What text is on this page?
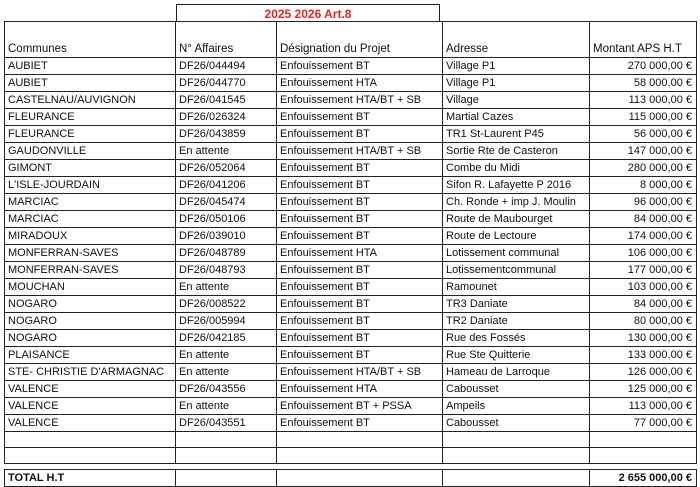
2025 2026 Art.8
Communes	N° Affaires	Désignation du Projet	Adresse	Montant APS H.T
AUBIET	DF26/044494	Enfouissement BT	Village P1	270 000,00 €
AUBIET	DF26/044770	Enfouissement HTA	Village P1	58 000,00 €
CASTELNAU/AUVIGNON	DF26/041545	Enfouissement HTA/BT + SB	Village	113 000,00 €
FLEURANCE	DF26/026324	Enfouissement BT	Martial Cazes	115 000,00 €
FLEURANCE	DF26/043859	Enfouissement BT	TR1 St-Laurent P45	56 000,00 €
GAUDONVILLE	En attente	Enfouissement HTA/BT + SB	Sortie Rte de Casteron	147 000,00 €
GIMONT	DF26/052064	Enfouissement BT	Combe du Midi	280 000,00 €
L'ISLE-JOURDAIN	DF26/041206	Enfouissement BT	Sifon R. Lafayette P 2016	8 000,00 €
MARCIAC	DF26/045474	Enfouissement BT	Ch. Ronde + imp J. Moulin	96 000,00 €
MARCIAC	DF26/050106	Enfouissement BT	Route de Maubourget	84 000,00 €
MIRADOUX	DF26/039010	Enfouissement BT	Route de Lectoure	174 000,00 €
MONFERRAN-SAVES	DF26/048789	Enfouissement HTA	Lotissement communal	106 000,00 €
MONFERRAN-SAVES	DF26/048793	Enfouissement BT	Lotissementcommunal	177 000,00 €
MOUCHAN	En attente	Enfouissement BT	Ramounet	103 000,00 €
NOGARO	DF26/008522	Enfouissement BT	TR3 Daniate	84 000,00 €
NOGARO	DF26/005994	Enfouissement BT	TR2 Daniate	80 000,00 €
NOGARO	DF26/042185	Enfouissement BT	Rue des Fossés	130 000,00 €
PLAISANCE	En attente	Enfouissement BT	Rue Ste Quitterie	133 000,00 €
STE- CHRISTIE D'ARMAGNAC	En attente	Enfouissement HTA/BT + SB	Hameau de Larroque	126 000,00 €
VALENCE	DF26/043556	Enfouissement HTA	Cabousset	125 000,00 €
VALENCE	En attente	Enfouissement BT + PSSA	Ampeils	113 000,00 €
VALENCE	DF26/043551	Enfouissement BT	Cabousset	77 000,00 €

TOTAL H.T				2 655 000,00 €
